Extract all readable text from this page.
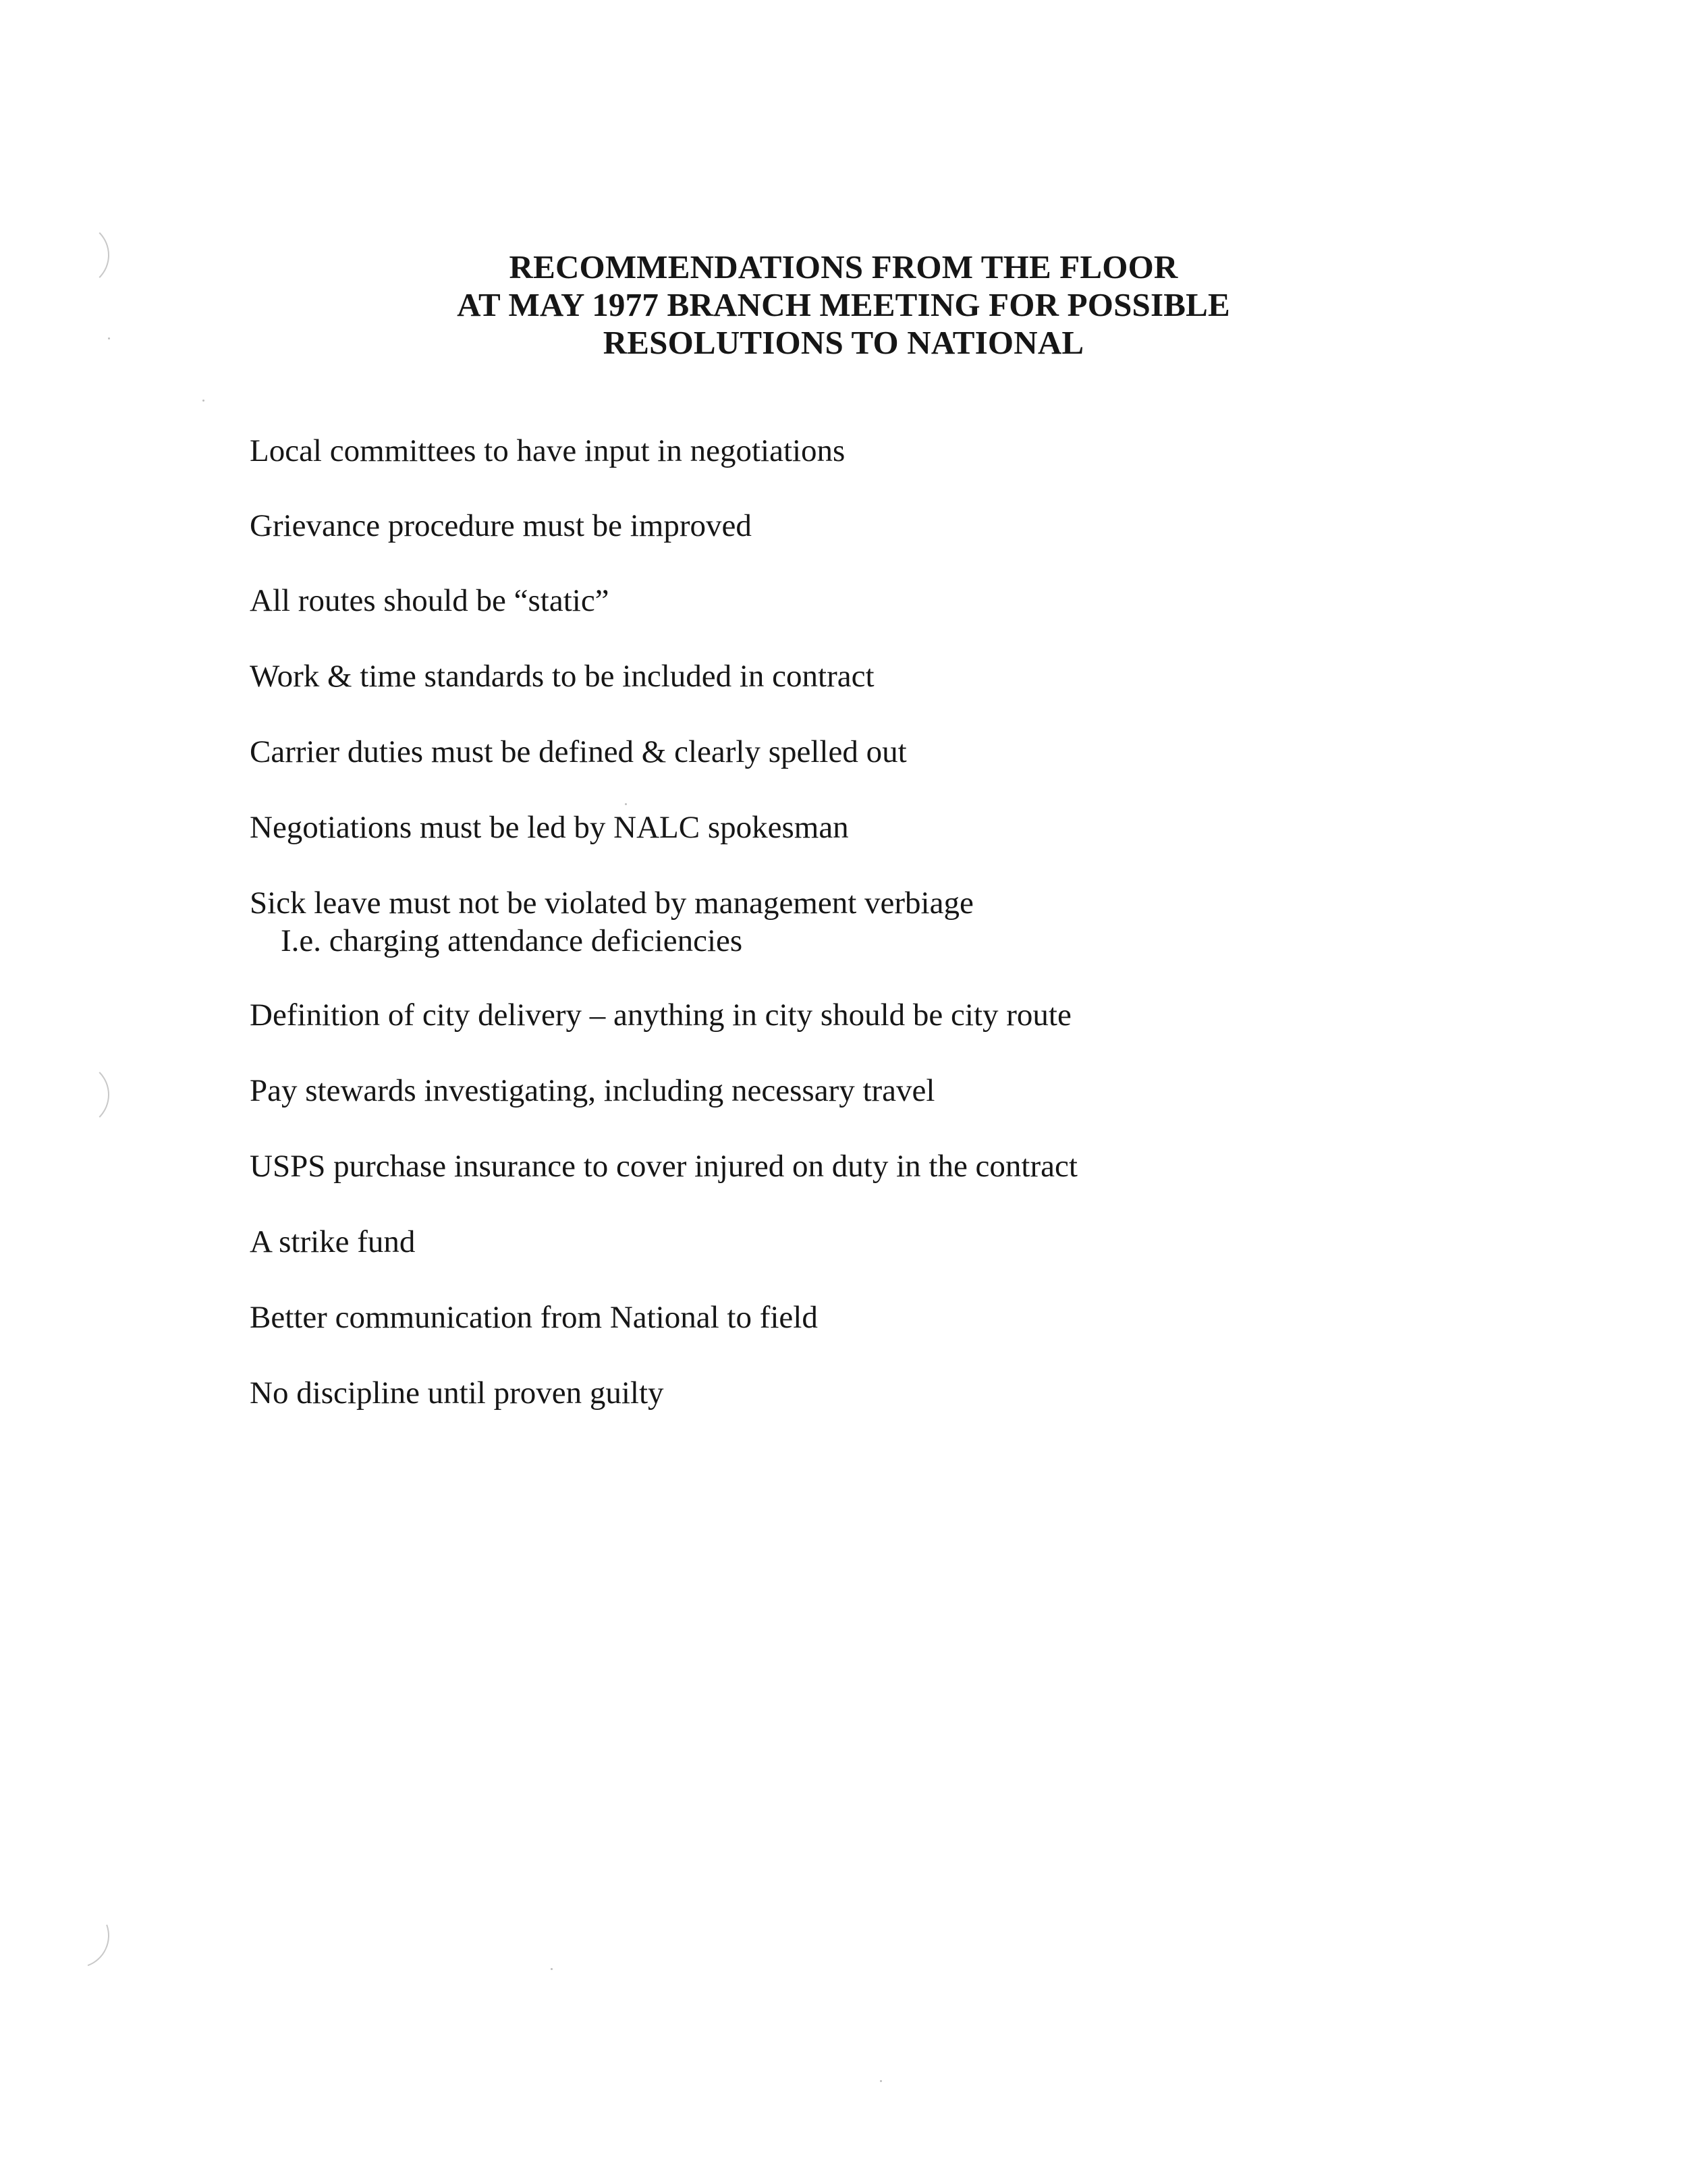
RECOMMENDATIONS FROM THE FLOOR
AT MAY 1977 BRANCH MEETING FOR POSSIBLE
RESOLUTIONS TO NATIONAL
Local committees to have input in negotiations
Grievance procedure must be improved
All routes should be “static”
Work & time standards to be included in contract
Carrier duties must be defined & clearly spelled out
Negotiations must be led by NALC spokesman
Sick leave must not be violated by management verbiage
I.e. charging attendance deficiencies
Definition of city delivery – anything in city should be city route
Pay stewards investigating, including necessary travel
USPS purchase insurance to cover injured on duty in the contract
A strike fund
Better communication from National to field
No discipline until proven guilty
